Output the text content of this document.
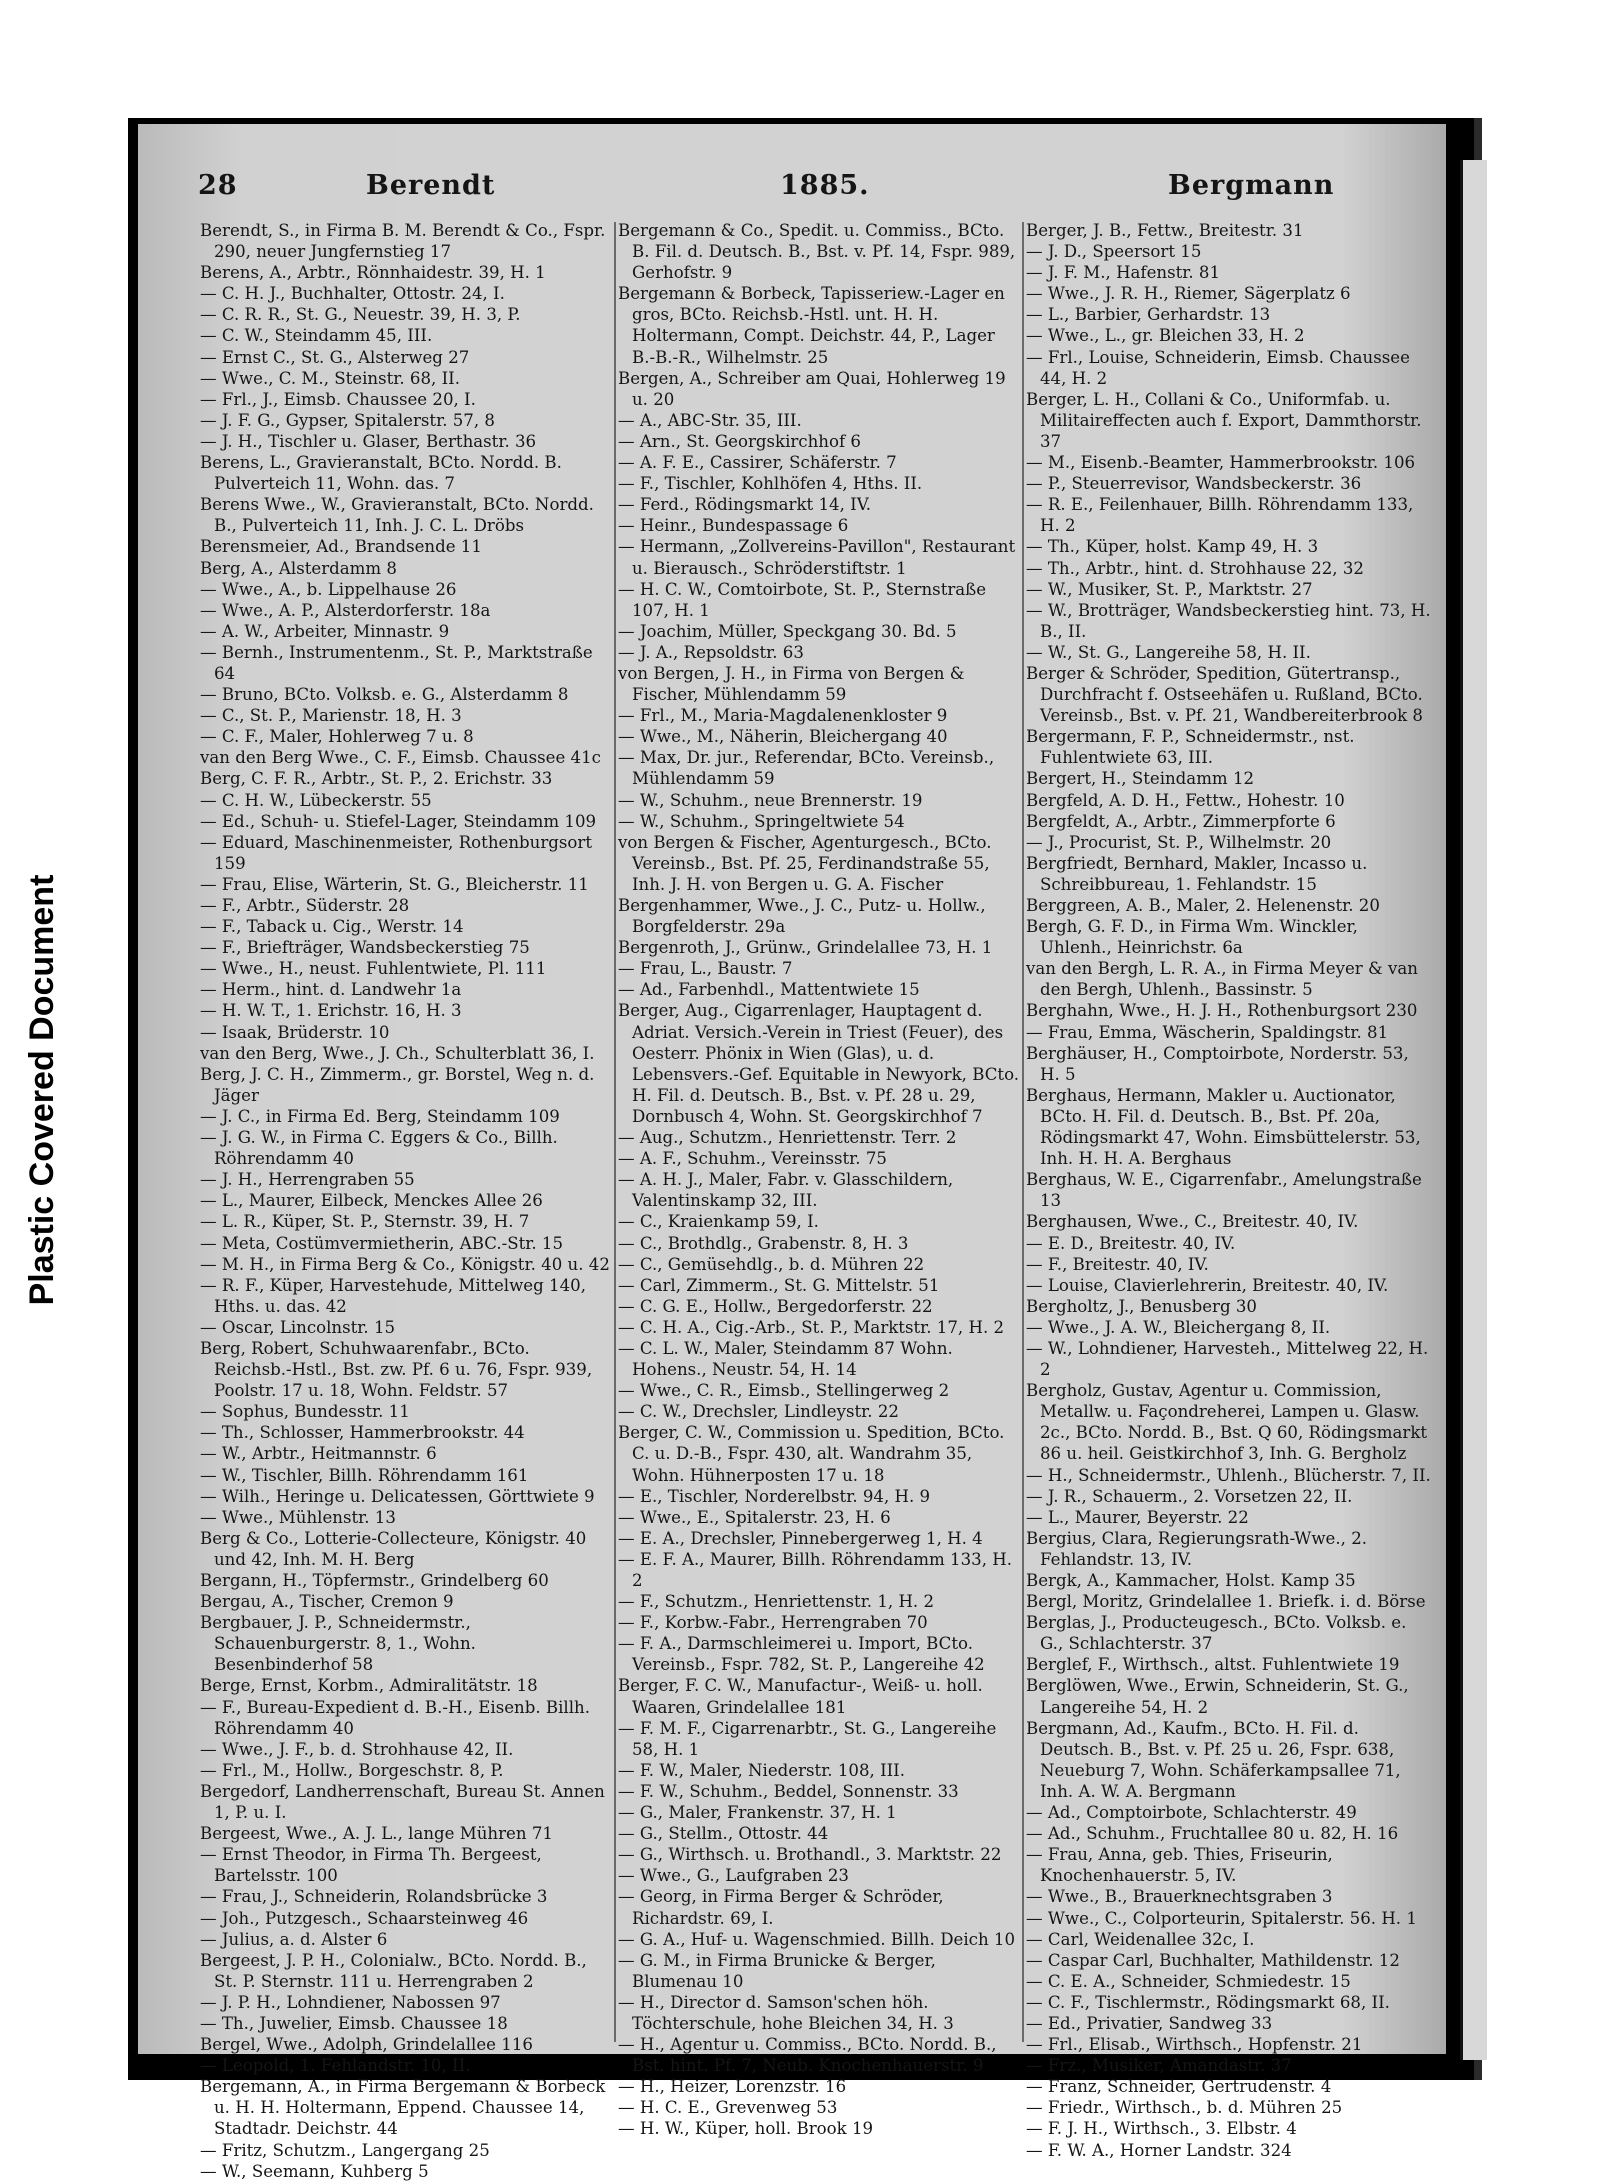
Plastic Covered Document
28	Berendt	1885.	Bergmann

Berendt, S., in Firma B. M. Berendt & Co., Fspr. 290, neuer Jungfernstieg 17

Berens, A., Arbtr., Rönnhaidestr. 39, H. 1

— C. H. J., Buchhalter, Ottostr. 24, I.

— C. R. R., St. G., Neuestr. 39, H. 3, P.

— C. W., Steindamm 45, III.

— Ernst C., St. G., Alsterweg 27

— Wwe., C. M., Steinstr. 68, II.

— Frl., J., Eimsb. Chaussee 20, I.

— J. F. G., Gypser, Spitalerstr. 57, 8

— J. H., Tischler u. Glaser, Berthastr. 36

Berens, L., Gravieranstalt, BCto. Nordd. B. Pulverteich 11, Wohn. das. 7

Berens Wwe., W., Gravieranstalt, BCto. Nordd. B., Pulverteich 11, Inh. J. C. L. Dröbs

Berensmeier, Ad., Brandsende 11

Berg, A., Alsterdamm 8

— Wwe., A., b. Lippelhause 26

— Wwe., A. P., Alsterdorferstr. 18a

— A. W., Arbeiter, Minnastr. 9

— Bernh., Instrumentenm., St. P., Marktstraße 64

— Bruno, BCto. Volksb. e. G., Alsterdamm 8

— C., St. P., Marienstr. 18, H. 3

— C. F., Maler, Hohlerweg 7 u. 8

van den Berg Wwe., C. F., Eimsb. Chaussee 41c

Berg, C. F. R., Arbtr., St. P., 2. Erichstr. 33

— C. H. W., Lübeckerstr. 55

— Ed., Schuh- u. Stiefel-Lager, Steindamm 109

— Eduard, Maschinenmeister, Rothenburgsort 159

— Frau, Elise, Wärterin, St. G., Bleicherstr. 11

— F., Arbtr., Süderstr. 28

— F., Taback u. Cig., Werstr. 14

— F., Briefträger, Wandsbeckerstieg 75

— Wwe., H., neust. Fuhlentwiete, Pl. 111

— Herm., hint. d. Landwehr 1a

— H. W. T., 1. Erichstr. 16, H. 3

— Isaak, Brüderstr. 10

van den Berg, Wwe., J. Ch., Schulterblatt 36, I.

Berg, J. C. H., Zimmerm., gr. Borstel, Weg n. d. Jäger

— J. C., in Firma Ed. Berg, Steindamm 109

— J. G. W., in Firma C. Eggers & Co., Billh. Röhrendamm 40

— J. H., Herrengraben 55

— L., Maurer, Eilbeck, Menckes Allee 26

— L. R., Küper, St. P., Sternstr. 39, H. 7

— Meta, Costümvermietherin, ABC.-Str. 15

— M. H., in Firma Berg & Co., Königstr. 40 u. 42

— R. F., Küper, Harvestehude, Mittelweg 140, Hths. u. das. 42

— Oscar, Lincolnstr. 15

Berg, Robert, Schuhwaarenfabr., BCto. Reichsb.-Hstl., Bst. zw. Pf. 6 u. 76, Fspr. 939, Poolstr. 17 u. 18, Wohn. Feldstr. 57

— Sophus, Bundesstr. 11

— Th., Schlosser, Hammerbrookstr. 44

— W., Arbtr., Heitmannstr. 6

— W., Tischler, Billh. Röhrendamm 161

— Wilh., Heringe u. Delicatessen, Görttwiete 9

— Wwe., Mühlenstr. 13

Berg & Co., Lotterie-Collecteure, Königstr. 40 und 42, Inh. M. H. Berg

Bergann, H., Töpfermstr., Grindelberg 60

Bergau, A., Tischer, Cremon 9

Bergbauer, J. P., Schneidermstr., Schauenburgerstr. 8, 1., Wohn. Besenbinderhof 58

Berge, Ernst, Korbm., Admiralitätstr. 18

— F., Bureau-Expedient d. B.-H., Eisenb. Billh. Röhrendamm 40

— Wwe., J. F., b. d. Strohhause 42, II.

— Frl., M., Hollw., Borgeschstr. 8, P.

Bergedorf, Landherrenschaft, Bureau St. Annen 1, P. u. I.

Bergeest, Wwe., A. J. L., lange Mühren 71

— Ernst Theodor, in Firma Th. Bergeest, Bartelsstr. 100

— Frau, J., Schneiderin, Rolandsbrücke 3

— Joh., Putzgesch., Schaarsteinweg 46

— Julius, a. d. Alster 6

Bergeest, J. P. H., Colonialw., BCto. Nordd. B., St. P. Sternstr. 111 u. Herrengraben 2

— J. P. H., Lohndiener, Nabossen 97

— Th., Juwelier, Eimsb. Chaussee 18

Bergel, Wwe., Adolph, Grindelallee 116

— Leopold, 1. Fehlandstr. 10, II.

Bergemann, A., in Firma Bergemann & Borbeck u. H. H. Holtermann, Eppend. Chaussee 14, Stadtadr. Deichstr. 44

— Fritz, Schutzm., Langergang 25

— W., Seemann, Kuhberg 5

Bergemann & Co., Spedit. u. Commiss., BCto. B. Fil. d. Deutsch. B., Bst. v. Pf. 14, Fspr. 989, Gerhofstr. 9

Bergemann & Borbeck, Tapisseriew.-Lager en gros, BCto. Reichsb.-Hstl. unt. H. H. Holtermann, Compt. Deichstr. 44, P., Lager B.-B.-R., Wilhelmstr. 25

Bergen, A., Schreiber am Quai, Hohlerweg 19 u. 20

— A., ABC-Str. 35, III.

— Arn., St. Georgskirchhof 6

— A. F. E., Cassirer, Schäferstr. 7

— F., Tischler, Kohlhöfen 4, Hths. II.

— Ferd., Rödingsmarkt 14, IV.

— Heinr., Bundespassage 6

— Hermann, „Zollvereins-Pavillon", Restaurant u. Bierausch., Schröderstiftstr. 1

— H. C. W., Comtoirbote, St. P., Sternstraße 107, H. 1

— Joachim, Müller, Speckgang 30. Bd. 5

— J. A., Repsoldstr. 63

von Bergen, J. H., in Firma von Bergen & Fischer, Mühlendamm 59

— Frl., M., Maria-Magdalenenkloster 9

— Wwe., M., Näherin, Bleichergang 40

— Max, Dr. jur., Referendar, BCto. Vereinsb., Mühlendamm 59

— W., Schuhm., neue Brennerstr. 19

— W., Schuhm., Springeltwiete 54

von Bergen & Fischer, Agenturgesch., BCto. Vereinsb., Bst. Pf. 25, Ferdinandstraße 55, Inh. J. H. von Bergen u. G. A. Fischer

Bergenhammer, Wwe., J. C., Putz- u. Hollw., Borgfelderstr. 29a

Bergenroth, J., Grünw., Grindelallee 73, H. 1

— Frau, L., Baustr. 7

— Ad., Farbenhdl., Mattentwiete 15

Berger, Aug., Cigarrenlager, Hauptagent d. Adriat. Versich.-Verein in Triest (Feuer), des Oesterr. Phönix in Wien (Glas), u. d. Lebensvers.-Gef. Equitable in Newyork, BCto. H. Fil. d. Deutsch. B., Bst. v. Pf. 28 u. 29, Dornbusch 4, Wohn. St. Georgskirchhof 7

— Aug., Schutzm., Henriettenstr. Terr. 2

— A. F., Schuhm., Vereinsstr. 75

— A. H. J., Maler, Fabr. v. Glasschildern, Valentinskamp 32, III.

— C., Kraienkamp 59, I.

— C., Brothdlg., Grabenstr. 8, H. 3

— C., Gemüsehdlg., b. d. Mühren 22

— Carl, Zimmerm., St. G. Mittelstr. 51

— C. G. E., Hollw., Bergedorferstr. 22

— C. H. A., Cig.-Arb., St. P., Marktstr. 17, H. 2

— C. L. W., Maler, Steindamm 87 Wohn. Hohens., Neustr. 54, H. 14

— Wwe., C. R., Eimsb., Stellingerweg 2

— C. W., Drechsler, Lindleystr. 22

Berger, C. W., Commission u. Spedition, BCto. C. u. D.-B., Fspr. 430, alt. Wandrahm 35, Wohn. Hühnerposten 17 u. 18

— E., Tischler, Norderelbstr. 94, H. 9

— Wwe., E., Spitalerstr. 23, H. 6

— E. A., Drechsler, Pinnebergerweg 1, H. 4

— E. F. A., Maurer, Billh. Röhrendamm 133, H. 2

— F., Schutzm., Henriettenstr. 1, H. 2

— F., Korbw.-Fabr., Herrengraben 70

— F. A., Darmschleimerei u. Import, BCto. Vereinsb., Fspr. 782, St. P., Langereihe 42

Berger, F. C. W., Manufactur-, Weiß- u. holl. Waaren, Grindelallee 181

— F. M. F., Cigarrenarbtr., St. G., Langereihe 58, H. 1

— F. W., Maler, Niederstr. 108, III.

— F. W., Schuhm., Beddel, Sonnenstr. 33

— G., Maler, Frankenstr. 37, H. 1

— G., Stellm., Ottostr. 44

— G., Wirthsch. u. Brothandl., 3. Marktstr. 22

— Wwe., G., Laufgraben 23

— Georg, in Firma Berger & Schröder, Richardstr. 69, I.

— G. A., Huf- u. Wagenschmied. Billh. Deich 10

— G. M., in Firma Brunicke & Berger, Blumenau 10

— H., Director d. Samson'schen höh. Töchterschule, hohe Bleichen 34, H. 3

— H., Agentur u. Commiss., BCto. Nordd. B., Bst. hint. Pf. 7, Neub. Knochenhauerstr. 9

— H., Heizer, Lorenzstr. 16

— H. C. E., Grevenweg 53

— H. W., Küper, holl. Brook 19

Berger, J. B., Fettw., Breitestr. 31

— J. D., Speersort 15

— J. F. M., Hafenstr. 81

— Wwe., J. R. H., Riemer, Sägerplatz 6

— L., Barbier, Gerhardstr. 13

— Wwe., L., gr. Bleichen 33, H. 2

— Frl., Louise, Schneiderin, Eimsb. Chaussee 44, H. 2

Berger, L. H., Collani & Co., Uniformfab. u. Militaireffecten auch f. Export, Dammthorstr. 37

— M., Eisenb.-Beamter, Hammerbrookstr. 106

— P., Steuerrevisor, Wandsbeckerstr. 36

— R. E., Feilenhauer, Billh. Röhrendamm 133, H. 2

— Th., Küper, holst. Kamp 49, H. 3

— Th., Arbtr., hint. d. Strohhause 22, 32

— W., Musiker, St. P., Marktstr. 27

— W., Brotträger, Wandsbeckerstieg hint. 73, H. B., II.

— W., St. G., Langereihe 58, H. II.

Berger & Schröder, Spedition, Gütertransp., Durchfracht f. Ostseehäfen u. Rußland, BCto. Vereinsb., Bst. v. Pf. 21, Wandbereiterbrook 8

Bergermann, F. P., Schneidermstr., nst. Fuhlentwiete 63, III.

Bergert, H., Steindamm 12

Bergfeld, A. D. H., Fettw., Hohestr. 10

Bergfeldt, A., Arbtr., Zimmerpforte 6

— J., Procurist, St. P., Wilhelmstr. 20

Bergfriedt, Bernhard, Makler, Incasso u. Schreibbureau, 1. Fehlandstr. 15

Berggreen, A. B., Maler, 2. Helenenstr. 20

Bergh, G. F. D., in Firma Wm. Winckler, Uhlenh., Heinrichstr. 6a

van den Bergh, L. R. A., in Firma Meyer & van den Bergh, Uhlenh., Bassinstr. 5

Berghahn, Wwe., H. J. H., Rothenburgsort 230

— Frau, Emma, Wäscherin, Spaldingstr. 81

Berghäuser, H., Comptoirbote, Norderstr. 53, H. 5

Berghaus, Hermann, Makler u. Auctionator, BCto. H. Fil. d. Deutsch. B., Bst. Pf. 20a, Rödingsmarkt 47, Wohn. Eimsbüttelerstr. 53, Inh. H. H. A. Berghaus

Berghaus, W. E., Cigarrenfabr., Amelungstraße 13

Berghausen, Wwe., C., Breitestr. 40, IV.

— E. D., Breitestr. 40, IV.

— F., Breitestr. 40, IV.

— Louise, Clavierlehrerin, Breitestr. 40, IV.

Bergholtz, J., Benusberg 30

— Wwe., J. A. W., Bleichergang 8, II.

— W., Lohndiener, Harvesteh., Mittelweg 22, H. 2

Bergholz, Gustav, Agentur u. Commission, Metallw. u. Façondreherei, Lampen u. Glasw. 2c., BCto. Nordd. B., Bst. Q 60, Rödingsmarkt 86 u. heil. Geistkirchhof 3, Inh. G. Bergholz

— H., Schneidermstr., Uhlenh., Blücherstr. 7, II.

— J. R., Schauerm., 2. Vorsetzen 22, II.

— L., Maurer, Beyerstr. 22

Bergius, Clara, Regierungsrath-Wwe., 2. Fehlandstr. 13, IV.

Bergk, A., Kammacher, Holst. Kamp 35

Bergl, Moritz, Grindelallee 1. Briefk. i. d. Börse

Berglas, J., Producteugesch., BCto. Volksb. e. G., Schlachterstr. 37

Berglef, F., Wirthsch., altst. Fuhlentwiete 19

Berglöwen, Wwe., Erwin, Schneiderin, St. G., Langereihe 54, H. 2

Bergmann, Ad., Kaufm., BCto. H. Fil. d. Deutsch. B., Bst. v. Pf. 25 u. 26, Fspr. 638, Neueburg 7, Wohn. Schäferkampsallee 71, Inh. A. W. A. Bergmann

— Ad., Comptoirbote, Schlachterstr. 49

— Ad., Schuhm., Fruchtallee 80 u. 82, H. 16

— Frau, Anna, geb. Thies, Friseurin, Knochenhauerstr. 5, IV.

— Wwe., B., Brauerknechtsgraben 3

— Wwe., C., Colporteurin, Spitalerstr. 56. H. 1

— Carl, Weidenallee 32c, I.

— Caspar Carl, Buchhalter, Mathildenstr. 12

— C. E. A., Schneider, Schmiedestr. 15

— C. F., Tischlermstr., Rödingsmarkt 68, II.

— Ed., Privatier, Sandweg 33

— Frl., Elisab., Wirthsch., Hopfenstr. 21

— Frz., Musiker, Amandastr. 37

— Franz, Schneider, Gertrudenstr. 4

— Friedr., Wirthsch., b. d. Mühren 25

— F. J. H., Wirthsch., 3. Elbstr. 4

— F. W. A., Horner Landstr. 324
